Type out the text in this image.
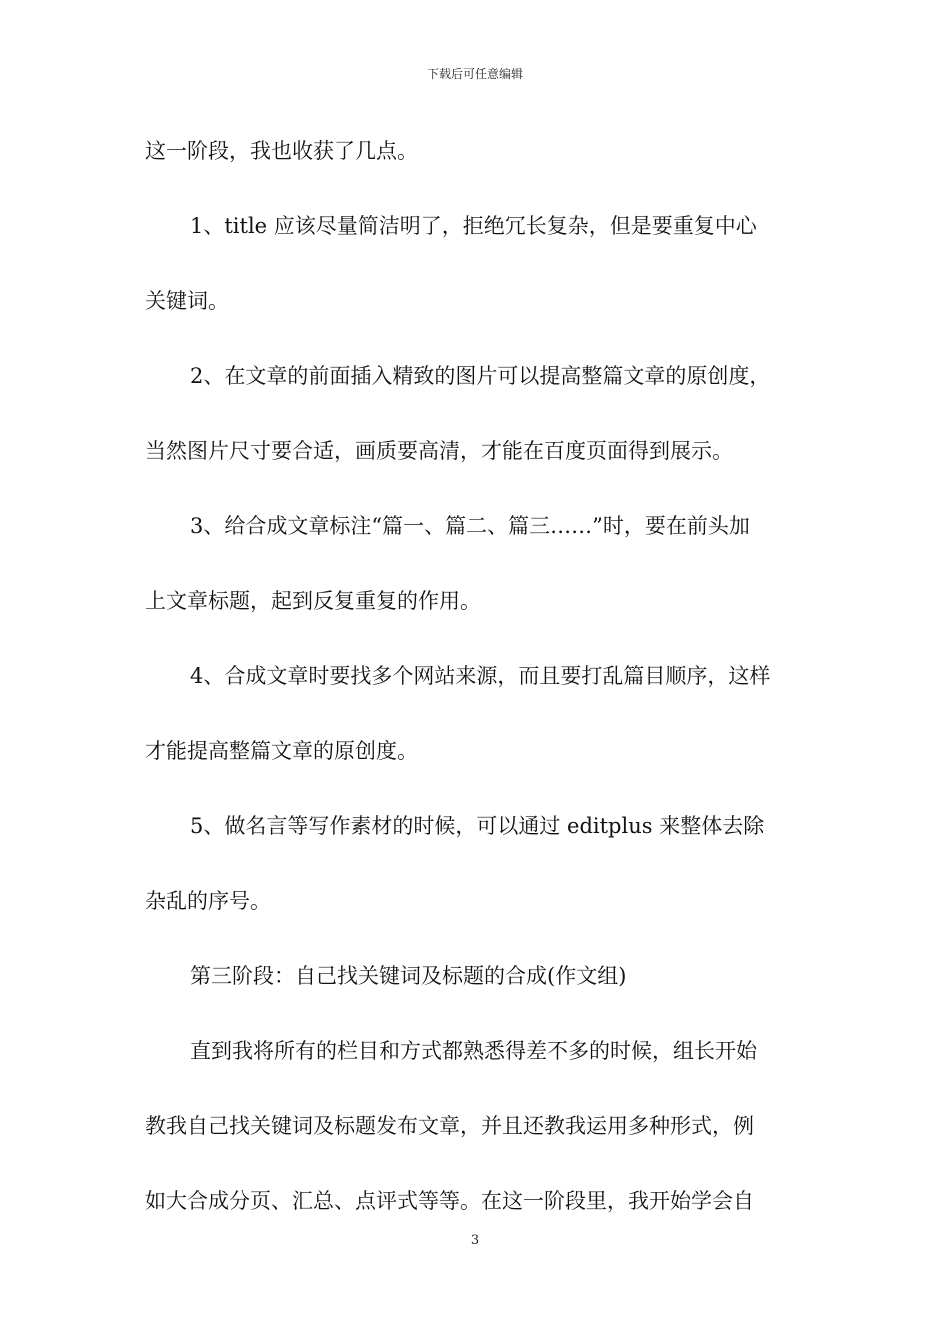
下载后可任意编辑
这一阶段，我也收获了几点。
1、title 应该尽量简洁明了，拒绝冗长复杂，但是要重复中心
关键词。
2、在文章的前面插入精致的图片可以提高整篇文章的原创度，
当然图片尺寸要合适，画质要高清，才能在百度页面得到展示。
3、给合成文章标注“篇一、篇二、篇三……”时，要在前头加
上文章标题，起到反复重复的作用。
4、合成文章时要找多个网站来源，而且要打乱篇目顺序，这样
才能提高整篇文章的原创度。
5、做名言等写作素材的时候，可以通过 editplus 来整体去除
杂乱的序号。
第三阶段：自己找关键词及标题的合成(作文组)
直到我将所有的栏目和方式都熟悉得差不多的时候，组长开始
教我自己找关键词及标题发布文章，并且还教我运用多种形式，例
如大合成分页、汇总、点评式等等。在这一阶段里，我开始学会自
3
